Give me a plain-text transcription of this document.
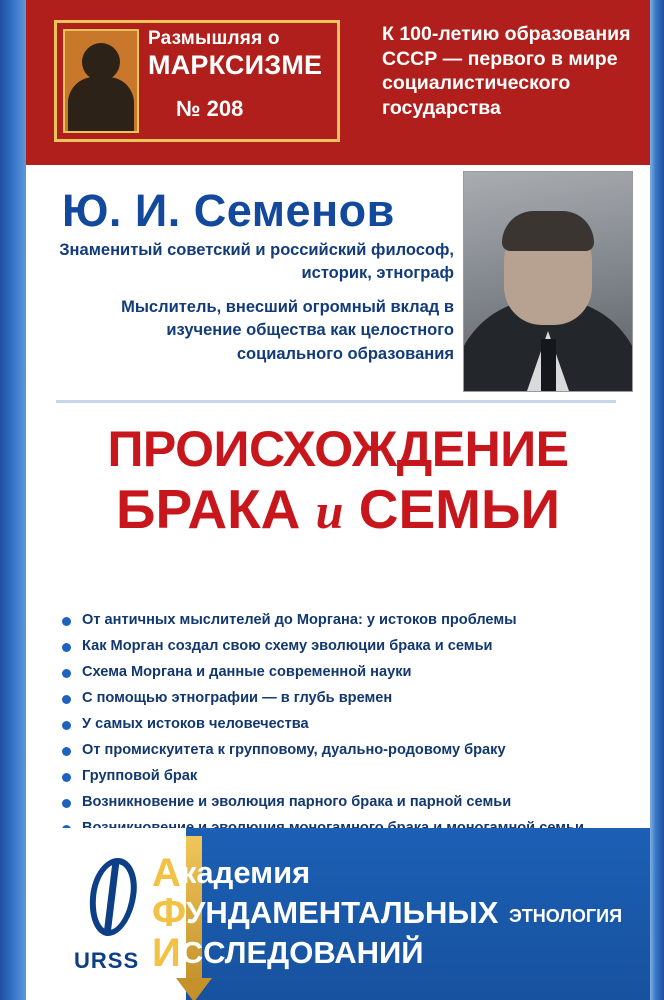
Размышляя о
МАРКСИЗМЕ
№ 208
К 100-летию образования СССР — первого в мире социалистического государства
Ю. И. Семенов
Знаменитый советский и российский философ, историк, этнограф
Мыслитель, внесший огромный вклад в изучение общества как целостного социального образования
ПРОИСХОЖДЕНИЕ
БРАКА и СЕМЬИ
От античных мыслителей до Моргана: у истоков проблемы
Как Морган создал свою схему эволюции брака и семьи
Схема Моргана и данные современной науки
С помощью этнографии — в глубь времен
У самых истоков человечества
От промискуитета к групповому, дуально-родовому браку
Групповой брак
Возникновение и эволюция парного брака и парной семьи
URSS
Академия
ФУНДАМЕНТАЛЬНЫХ
ИССЛЕДОВАНИЙ
ЭТНОЛОГИЯ
